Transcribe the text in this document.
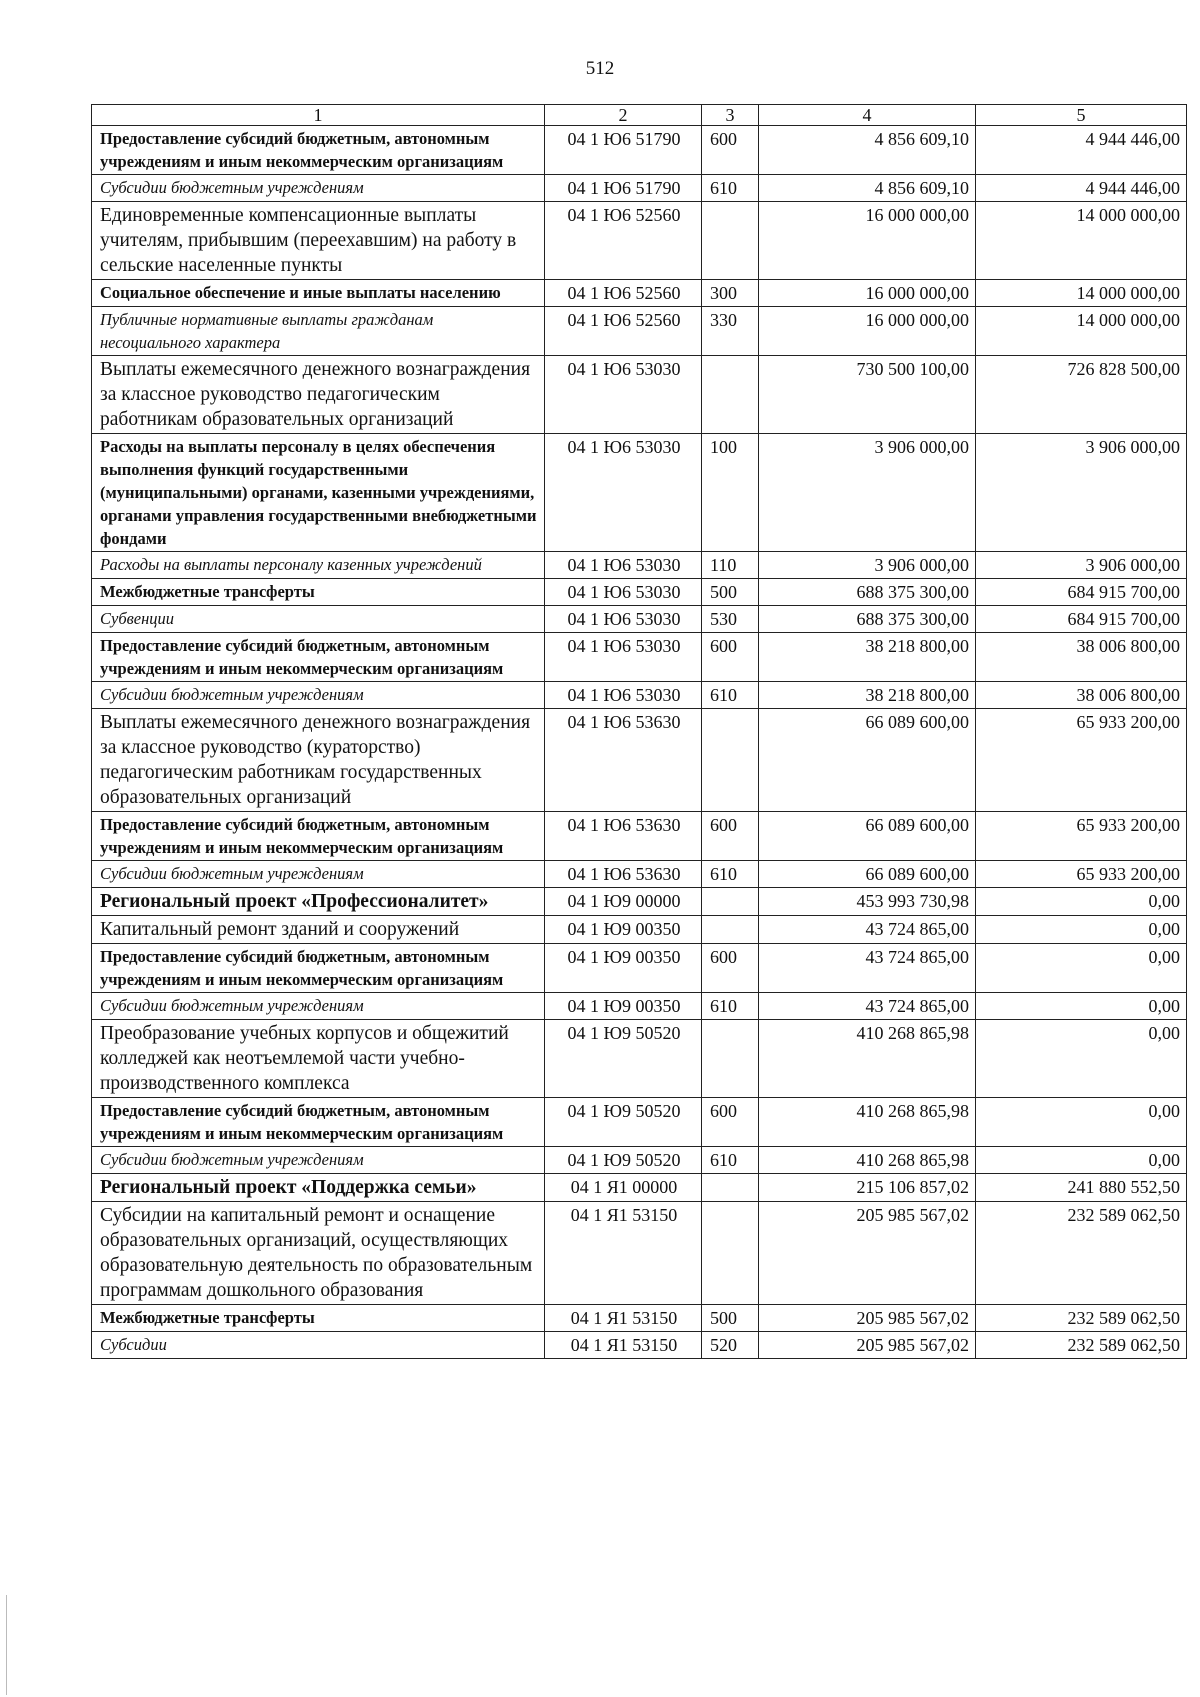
512
1	2	3	4	5
Предоставление субсидий бюджетным, автономным учреждениям и иным некоммерческим организациям	04 1 Ю6 51790	600	4 856 609,10	4 944 446,00
Субсидии бюджетным учреждениям	04 1 Ю6 51790	610	4 856 609,10	4 944 446,00
Единовременные компенсационные выплаты учителям, прибывшим (переехавшим) на работу в сельские населенные пункты	04 1 Ю6 52560		16 000 000,00	14 000 000,00
Социальное обеспечение и иные выплаты населению	04 1 Ю6 52560	300	16 000 000,00	14 000 000,00
Публичные нормативные выплаты гражданам несоциального характера	04 1 Ю6 52560	330	16 000 000,00	14 000 000,00
Выплаты ежемесячного денежного вознаграждения за классное руководство педагогическим работникам образовательных организаций	04 1 Ю6 53030		730 500 100,00	726 828 500,00
Расходы на выплаты персоналу в целях обеспечения выполнения функций государственными (муниципальными) органами, казенными учреждениями, органами управления государственными внебюджетными фондами	04 1 Ю6 53030	100	3 906 000,00	3 906 000,00
Расходы на выплаты персоналу казенных учреждений	04 1 Ю6 53030	110	3 906 000,00	3 906 000,00
Межбюджетные трансферты	04 1 Ю6 53030	500	688 375 300,00	684 915 700,00
Субвенции	04 1 Ю6 53030	530	688 375 300,00	684 915 700,00
Предоставление субсидий бюджетным, автономным учреждениям и иным некоммерческим организациям	04 1 Ю6 53030	600	38 218 800,00	38 006 800,00
Субсидии бюджетным учреждениям	04 1 Ю6 53030	610	38 218 800,00	38 006 800,00
Выплаты ежемесячного денежного вознаграждения за классное руководство (кураторство) педагогическим работникам государственных образовательных организаций	04 1 Ю6 53630		66 089 600,00	65 933 200,00
Предоставление субсидий бюджетным, автономным учреждениям и иным некоммерческим организациям	04 1 Ю6 53630	600	66 089 600,00	65 933 200,00
Субсидии бюджетным учреждениям	04 1 Ю6 53630	610	66 089 600,00	65 933 200,00
Региональный проект «Профессионалитет»	04 1 Ю9 00000		453 993 730,98	0,00
Капитальный ремонт зданий и сооружений	04 1 Ю9 00350		43 724 865,00	0,00
Предоставление субсидий бюджетным, автономным учреждениям и иным некоммерческим организациям	04 1 Ю9 00350	600	43 724 865,00	0,00
Субсидии бюджетным учреждениям	04 1 Ю9 00350	610	43 724 865,00	0,00
Преобразование учебных корпусов и общежитий колледжей как неотъемлемой части учебно-производственного комплекса	04 1 Ю9 50520		410 268 865,98	0,00
Предоставление субсидий бюджетным, автономным учреждениям и иным некоммерческим организациям	04 1 Ю9 50520	600	410 268 865,98	0,00
Субсидии бюджетным учреждениям	04 1 Ю9 50520	610	410 268 865,98	0,00
Региональный проект «Поддержка семьи»	04 1 Я1 00000		215 106 857,02	241 880 552,50
Субсидии на капитальный ремонт и оснащение образовательных организаций, осуществляющих образовательную деятельность по образовательным программам дошкольного образования	04 1 Я1 53150		205 985 567,02	232 589 062,50
Межбюджетные трансферты	04 1 Я1 53150	500	205 985 567,02	232 589 062,50
Субсидии	04 1 Я1 53150	520	205 985 567,02	232 589 062,50
